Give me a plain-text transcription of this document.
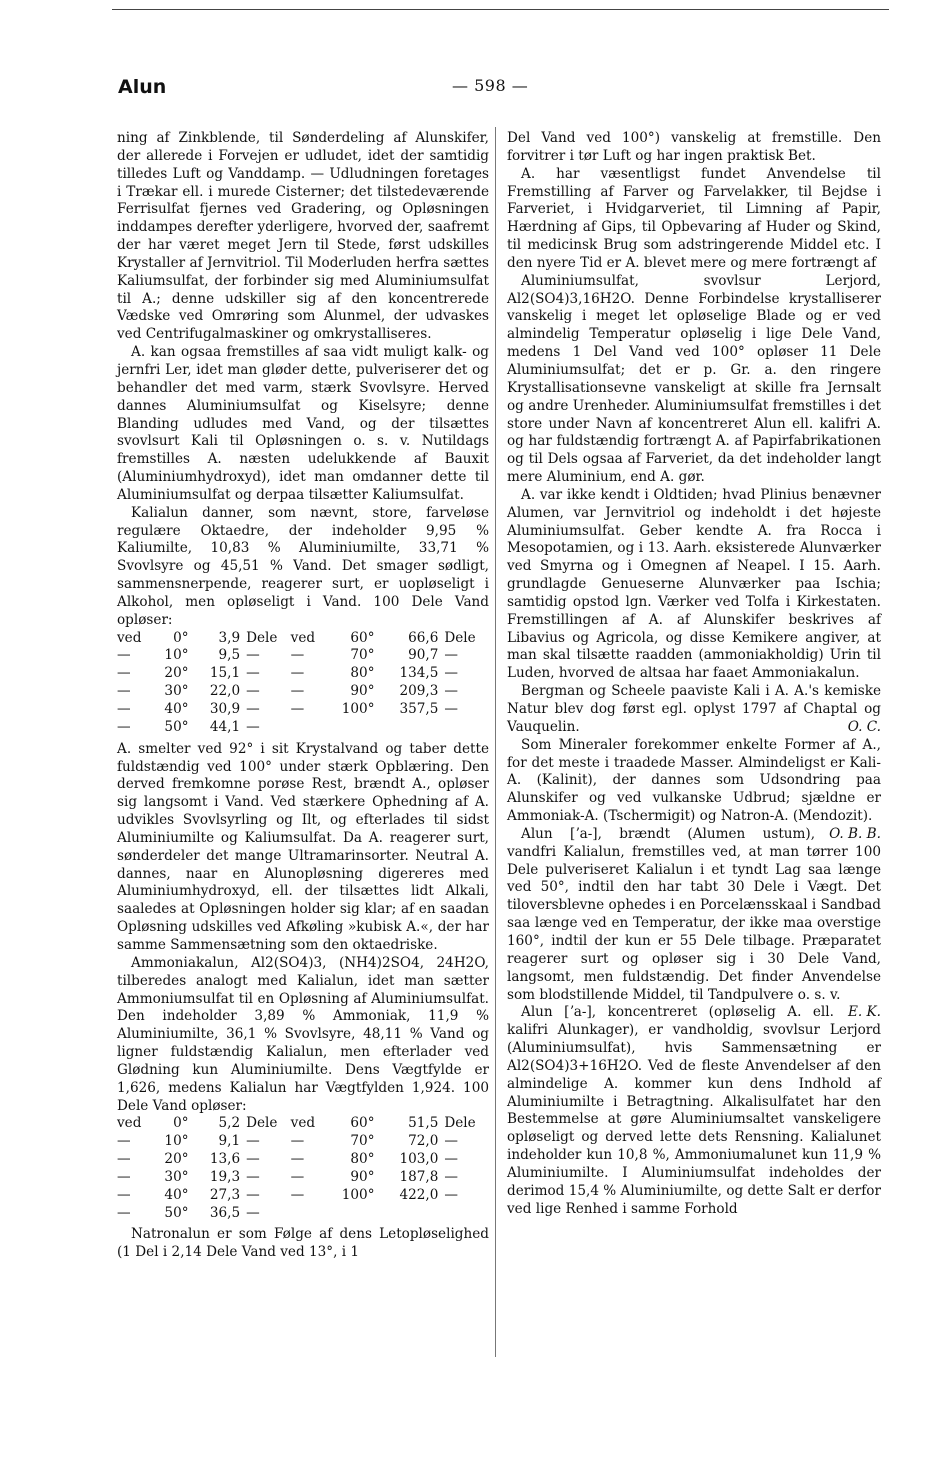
Alun	— 598 —

ning af Zinkblende, til Sønderdeling af Alunskifer, der allerede i Forvejen er udludet, idet der samtidig tilledes Luft og Vanddamp. — Udludningen foretages i Trækar ell. i murede Cisterner; det tilstedeværende Ferrisulfat fjernes ved Gradering, og Opløsningen inddampes derefter yderligere, hvorved der, saafremt der har været meget Jern til Stede, først udskilles Krystaller af Jernvitriol. Til Moderluden herfra sættes Kaliumsulfat, der forbinder sig med Aluminiumsulfat til A.; denne udskiller sig af den koncentrerede Vædske ved Omrøring som Alunmel, der udvaskes ved Centrifugalmaskiner og omkrystalliseres.

A. kan ogsaa fremstilles af saa vidt muligt kalk- og jernfri Ler, idet man gløder dette, pulveriserer det og behandler det med varm, stærk Svovlsyre. Herved dannes Aluminiumsulfat og Kiselsyre; denne Blanding udludes med Vand, og der tilsættes svovlsurt Kali til Opløsningen o. s. v. Nutildags fremstilles A. næsten udelukkende af Bauxit (Aluminiumhydroxyd), idet man omdanner dette til Aluminiumsulfat og derpaa tilsætter Kaliumsulfat.

Kalialun danner, som nævnt, store, farveløse regulære Oktaedre, der indeholder 9,95 % Kaliumilte, 10,83 % Aluminiumilte, 33,71 % Svovlsyre og 45,51 % Vand. Det smager sødligt, sammensnerpende, reagerer surt, er uopløseligt i Alkohol, men opløseligt i Vand. 100 Dele Vand opløser:

ved	0°	3,9	Dele	ved	60°	66,6	Dele
—	10°	9,5	—	—	70°	90,7	—
—	20°	15,1	—	—	80°	134,5	—
—	30°	22,0	—	—	90°	209,3	—
—	40°	30,9	—	—	100°	357,5	—
—	50°	44,1	—				

A. smelter ved 92° i sit Krystalvand og taber dette fuldstændig ved 100° under stærk Opblæring. Den derved fremkomne porøse Rest, brændt A., opløser sig langsomt i Vand. Ved stærkere Ophedning af A. udvikles Svovlsyrling og Ilt, og efterlades til sidst Aluminiumilte og Kaliumsulfat. Da A. reagerer surt, sønderdeler det mange Ultramarinsorter. Neutral A. dannes, naar en Alunopløsning digereres med Aluminiumhydroxyd, ell. der tilsættes lidt Alkali, saaledes at Opløsningen holder sig klar; af en saadan Opløsning udskilles ved Afkøling »kubisk A.«, der har samme Sammensætning som den oktaedriske.

Ammoniakalun, Al2(SO4)3, (NH4)2SO4, 24H2O, tilberedes analogt med Kalialun, idet man sætter Ammoniumsulfat til en Opløsning af Aluminiumsulfat. Den indeholder 3,89 % Ammoniak, 11,9 % Aluminiumilte, 36,1 % Svovlsyre, 48,11 % Vand og ligner fuldstændig Kalialun, men efterlader ved Glødning kun Aluminiumilte. Dens Vægtfylde er 1,626, medens Kalialun har Vægtfylden 1,924. 100 Dele Vand opløser:

ved	0°	5,2	Dele	ved	60°	51,5	Dele
—	10°	9,1	—	—	70°	72,0	—
—	20°	13,6	—	—	80°	103,0	—
—	30°	19,3	—	—	90°	187,8	—
—	40°	27,3	—	—	100°	422,0	—
—	50°	36,5	—				

Natronalun er som Følge af dens Letopløselighed (1 Del i 2,14 Dele Vand ved 13°, i 1

Del Vand ved 100°) vanskelig at fremstille. Den forvitrer i tør Luft og har ingen praktisk Bet.

A. har væsentligst fundet Anvendelse til Fremstilling af Farver og Farvelakker, til Bejdse i Farveriet, i Hvidgarveriet, til Limning af Papir, Hærdning af Gips, til Opbevaring af Huder og Skind, til medicinsk Brug som adstringerende Middel etc. I den nyere Tid er A. blevet mere og mere fortrængt af

Aluminiumsulfat, svovlsur Lerjord, Al2(SO4)3,16H2O. Denne Forbindelse krystalliserer vanskelig i meget let opløselige Blade og er ved almindelig Temperatur opløselig i lige Dele Vand, medens 1 Del Vand ved 100° opløser 11 Dele Aluminiumsulfat; det er p. Gr. a. den ringere Krystallisationsevne vanskeligt at skille fra Jernsalt og andre Urenheder. Aluminiumsulfat fremstilles i det store under Navn af koncentreret Alun ell. kalifri A. og har fuldstændig fortrængt A. af Papirfabrikationen og til Dels ogsaa af Farveriet, da det indeholder langt mere Aluminium, end A. gør.

A. var ikke kendt i Oldtiden; hvad Plinius benævner Alumen, var Jernvitriol og indeholdt i det højeste Aluminiumsulfat. Geber kendte A. fra Rocca i Mesopotamien, og i 13. Aarh. eksisterede Alunværker ved Smyrna og i Omegnen af Neapel. I 15. Aarh. grundlagde Genueserne Alunværker paa Ischia; samtidig opstod lgn. Værker ved Tolfa i Kirkestaten. Fremstillingen af A. af Alunskifer beskrives af Libavius og Agricola, og disse Kemikere angiver, at man skal tilsætte raadden (ammoniakholdig) Urin til Luden, hvorved de altsaa har faaet Ammoniakalun.

Bergman og Scheele paaviste Kali i A. A.'s kemiske Natur blev dog først egl. oplyst 1797 af Chaptal og Vauquelin.	O. C.

Som Mineraler forekommer enkelte Former af A., for det meste i traadede Masser. Almindeligst er Kali-A. (Kalinit), der dannes som Udsondring paa Alunskifer og ved vulkanske Udbrud; sjældne er Ammoniak-A. (Tschermigit) og Natron-A. (Mendozit).
O. B. B.

Alun [ʼa-], brændt (Alumen ustum), vandfri Kalialun, fremstilles ved, at man tørrer 100 Dele pulveriseret Kalialun i et tyndt Lag saa længe ved 50°, indtil den har tabt 30 Dele i Vægt. Det tiloversblevne ophedes i en Porcelænsskaal i Sandbad saa længe ved en Temperatur, der ikke maa overstige 160°, indtil der kun er 55 Dele tilbage. Præparatet reagerer surt og opløser sig i 30 Dele Vand, langsomt, men fuldstændig. Det finder Anvendelse som blodstillende Middel, til Tandpulvere o. s. v.
E. K.

Alun [ʼa-], koncentreret (opløselig A. ell. kalifri Alunkager), er vandholdig, svovlsur Lerjord (Aluminiumsulfat), hvis Sammensætning er Al2(SO4)3+16H2O. Ved de fleste Anvendelser af den almindelige A. kommer kun dens Indhold af Aluminiumilte i Betragtning. Alkalisulfatet har den Bestemmelse at gøre Aluminiumsaltet vanskeligere opløseligt og derved lette dets Rensning. Kalialunet indeholder kun 10,8 %, Ammoniumalunet kun 11,9 % Aluminiumilte. I Aluminiumsulfat indeholdes der derimod 15,4 % Aluminiumilte, og dette Salt er derfor ved lige Renhed i samme Forhold
